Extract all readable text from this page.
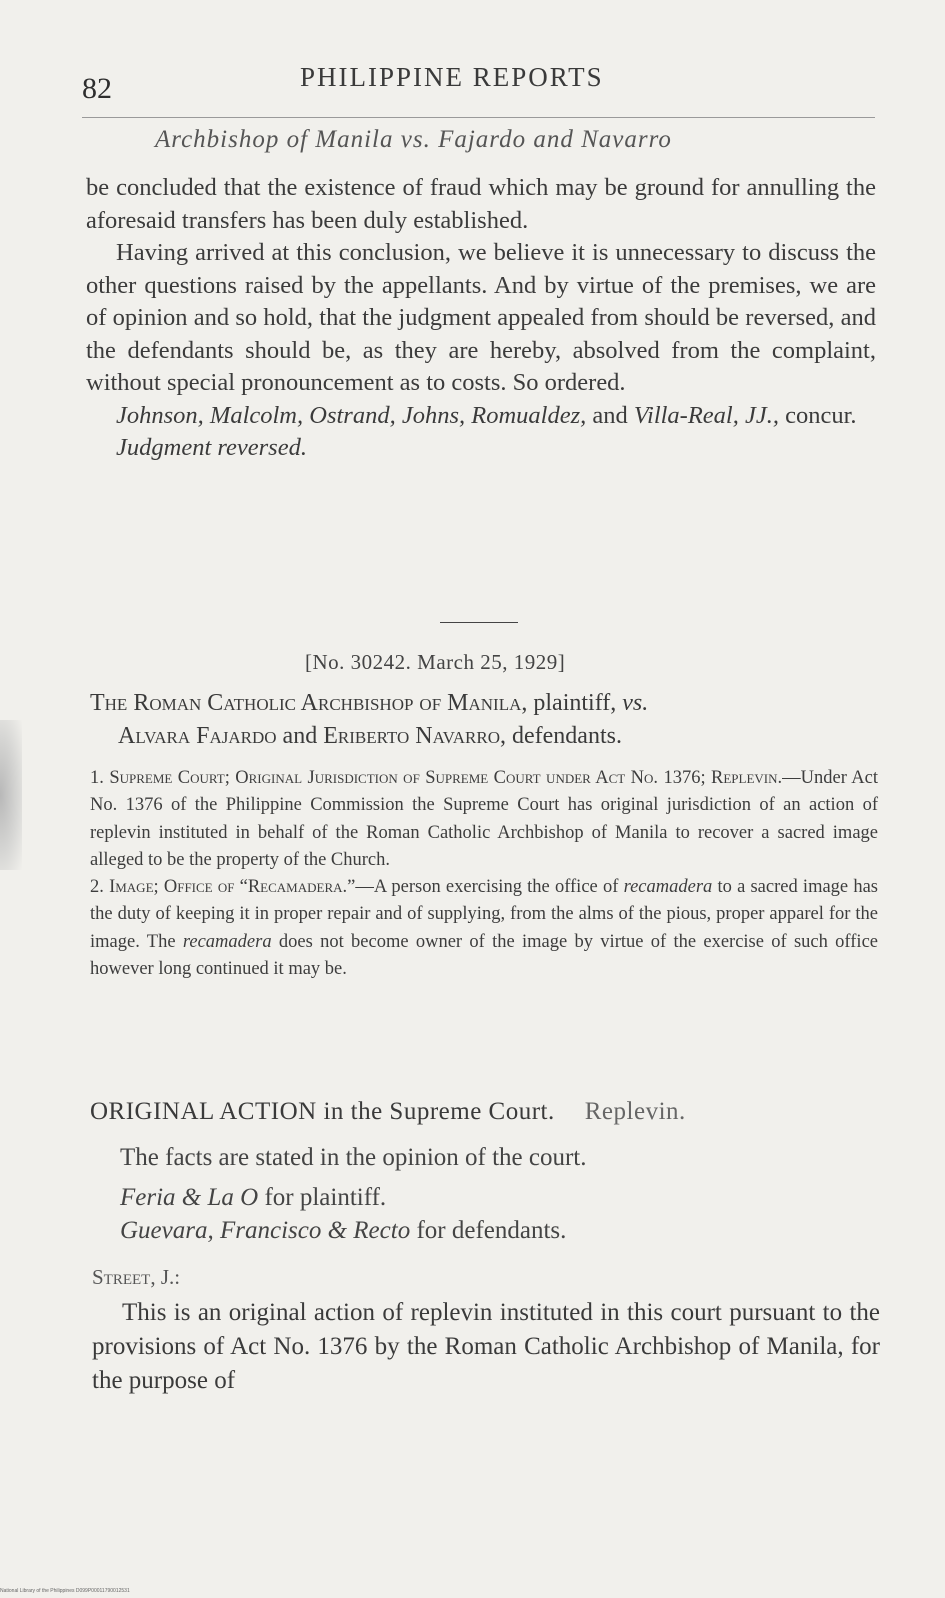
82	PHILIPPINE REPORTS
Archbishop of Manila vs. Fajardo and Navarro

be concluded that the existence of fraud which may be ground for annulling the aforesaid transfers has been duly established.

Having arrived at this conclusion, we believe it is unnecessary to discuss the other questions raised by the appellants. And by virtue of the premises, we are of opinion and so hold, that the judgment appealed from should be reversed, and the defendants should be, as they are hereby, absolved from the complaint, without special pronouncement as to costs. So ordered.

Johnson, Malcolm, Ostrand, Johns, Romualdez, and Villa-Real, JJ., concur.

Judgment reversed.

[No. 30242. March 25, 1929]
The Roman Catholic Archbishop of Manila, plaintiff, vs.
Alvara Fajardo and Eriberto Navarro, defendants.
1. Supreme Court; Original Jurisdiction of Supreme Court under Act No. 1376; Replevin.—Under Act No. 1376 of the Philippine Commission the Supreme Court has original jurisdiction of an action of replevin instituted in behalf of the Roman Catholic Archbishop of Manila to recover a sacred image alleged to be the property of the Church.
2. Image; Office of “Recamadera.”—A person exercising the office of recamadera to a sacred image has the duty of keeping it in proper repair and of supplying, from the alms of the pious, proper apparel for the image. The recamadera does not become owner of the image by virtue of the exercise of such office however long continued it may be.
ORIGINAL ACTION in the Supreme Court. Replevin.
The facts are stated in the opinion of the court.
Feria & La O for plaintiff.
Guevara, Francisco & Recto for defendants.
Street, J.:

This is an original action of replevin instituted in this court pursuant to the provisions of Act No. 1376 by the Roman Catholic Archbishop of Manila, for the purpose of

National Library of the Philippines D099P00011790012531
